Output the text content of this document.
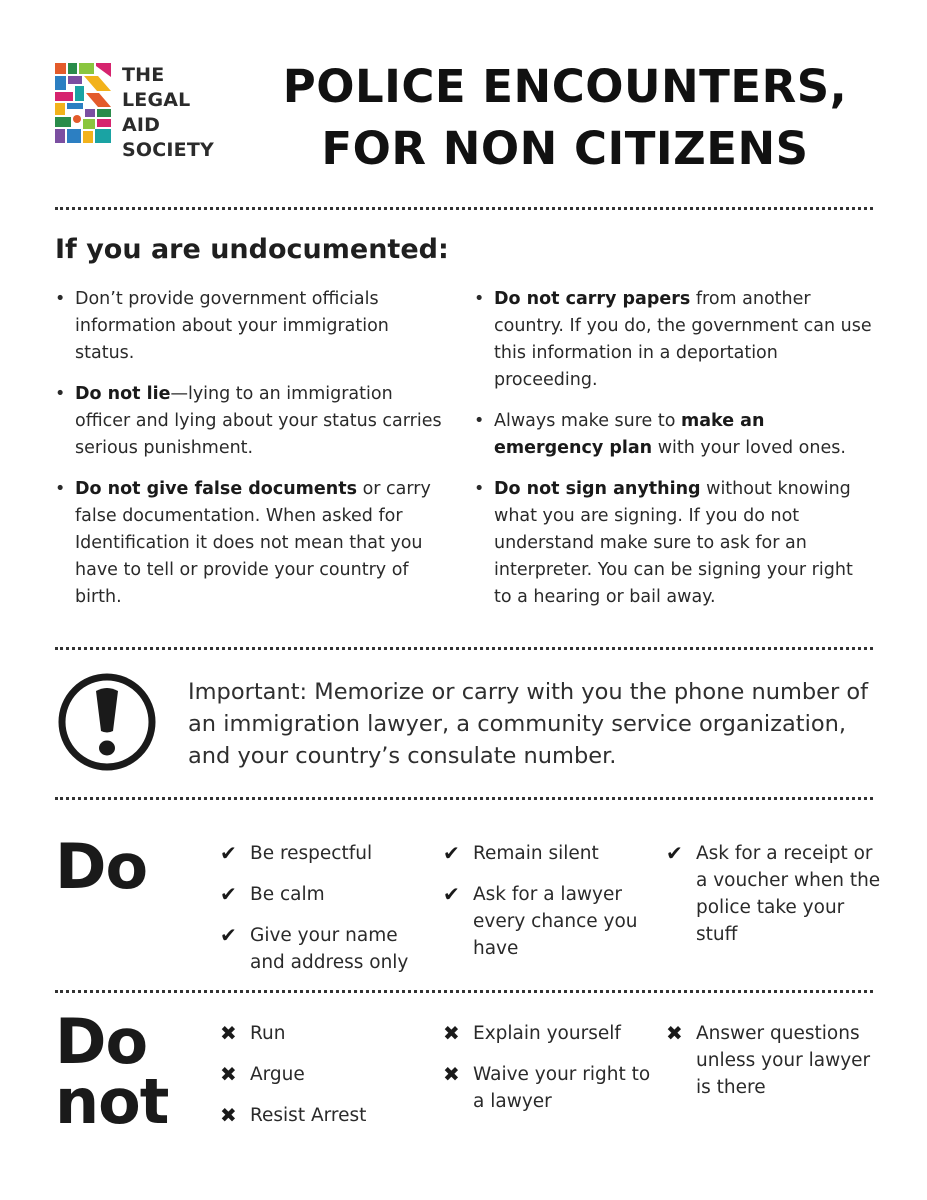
THE
LEGAL
AID
SOCIETY
POLICE ENCOUNTERS,
FOR NON CITIZENS
If you are undocumented:
• Don’t provide government officials information about your immigration status.
• Do not lie—lying to an immigration officer and lying about your status carries serious punishment.
• Do not give false documents or carry false documentation. When asked for Identification it does not mean that you have to tell or provide your country of birth.
• Do not carry papers from another country. If you do, the government can use this information in a deportation proceeding.
• Always make sure to make an emergency plan with your loved ones.
• Do not sign anything without knowing what you are signing. If you do not understand make sure to ask for an interpreter. You can be signing your right to a hearing or bail away.
Important: Memorize or carry with you the phone number of an immigration lawyer, a community service organization, and your country’s consulate number.
Do	✔ Be respectful
✔ Be calm
✔ Give your name and address only
✔ Remain silent
✔ Ask for a lawyer every chance you have
✔ Ask for a receipt or a voucher when the police take your stuff
Do
not
✖ Run
✖ Argue
✖ Resist Arrest
✖ Explain yourself
✖ Waive your right to a lawyer
✖ Answer questions unless your lawyer is there
